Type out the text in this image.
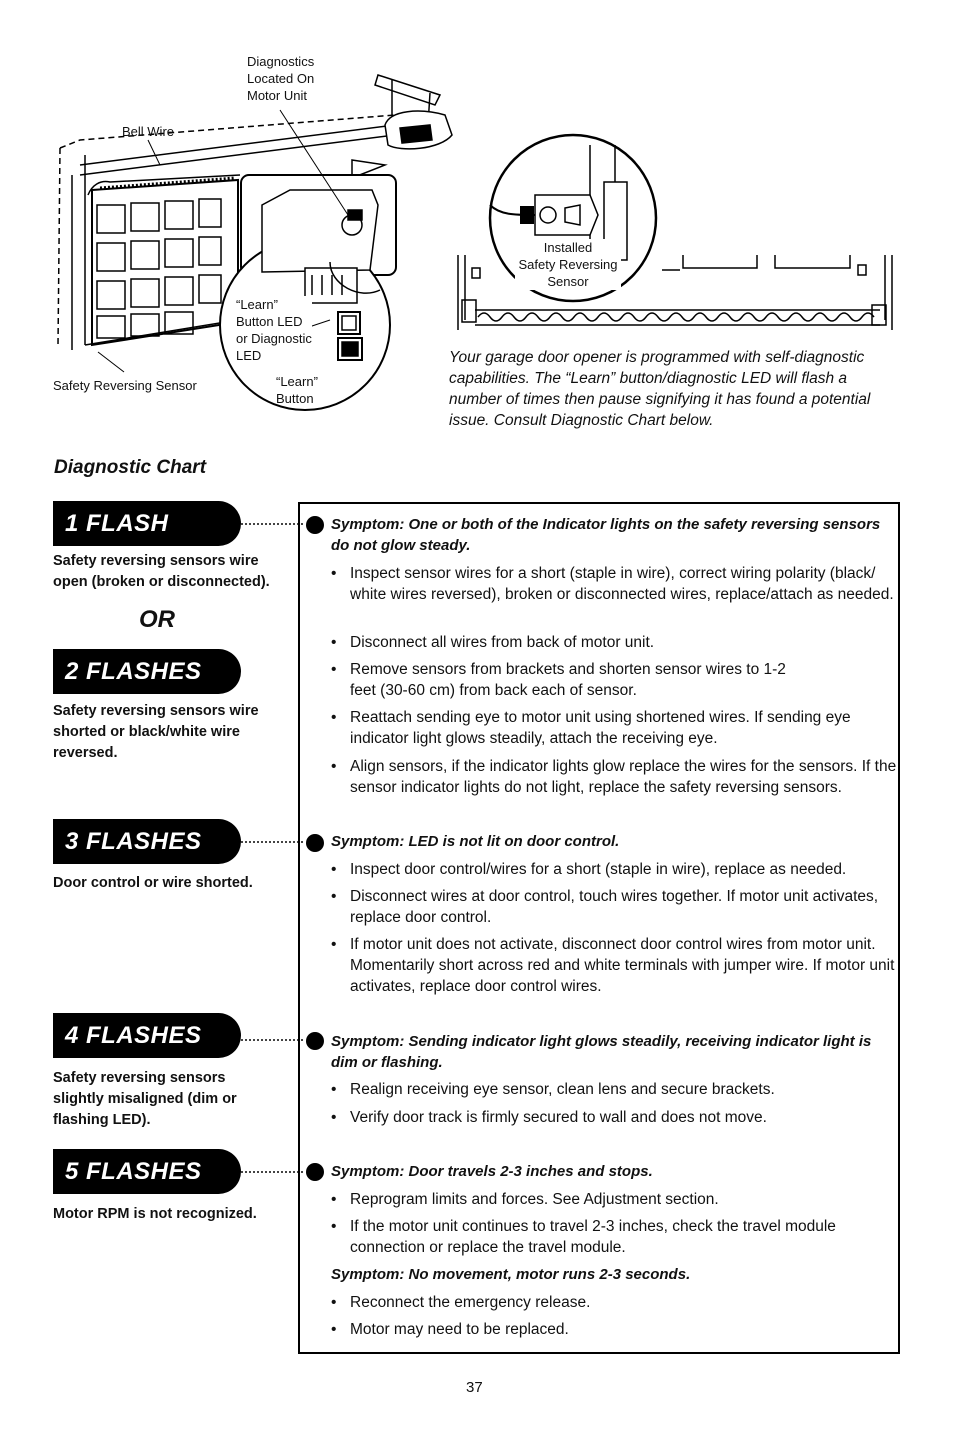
Diagnostics
Located On
Motor Unit
Bell Wire
Safety Reversing Sensor
“Learn”
Button LED
or Diagnostic
LED
“Learn”
Button
Installed
Safety Reversing
Sensor
Your garage door opener is programmed with self-diagnostic capabilities. The “Learn” button/diagnostic LED will flash a number of times then pause signifying it has found a potential issue. Consult Diagnostic Chart below.
Diagnostic Chart
1 FLASH
Safety reversing sensors wire open (broken or disconnected).
OR
2 FLASHES
Safety reversing sensors wire shorted or black/white wire reversed.
3 FLASHES
Door control or wire shorted.
4 FLASHES
Safety reversing sensors slightly misaligned (dim or flashing LED).
5 FLASHES
Motor RPM is not recognized.
Symptom: One or both of the Indicator lights on the safety reversing sensors do not glow steady.
• Inspect sensor wires for a short (staple in wire), correct wiring polarity (black/ white wires reversed), broken or disconnected wires, replace/attach as needed.
• Disconnect all wires from back of motor unit.
• Remove sensors from brackets and shorten sensor wires to 1-2 feet (30-60 cm) from back each of sensor.
• Reattach sending eye to motor unit using shortened wires. If sending eye indicator light glows steadily, attach the receiving eye.
• Align sensors, if the indicator lights glow replace the wires for the sensors. If the sensor indicator lights do not light, replace the safety reversing sensors.
Symptom: LED is not lit on door control.
• Inspect door control/wires for a short (staple in wire), replace as needed.
• Disconnect wires at door control, touch wires together. If motor unit activates, replace door control.
• If motor unit does not activate, disconnect door control wires from motor unit. Momentarily short across red and white terminals with jumper wire. If motor unit activates, replace door control wires.
Symptom: Sending indicator light glows steadily, receiving indicator light is dim or flashing.
• Realign receiving eye sensor, clean lens and secure brackets.
• Verify door track is firmly secured to wall and does not move.
Symptom: Door travels 2-3 inches and stops.
• Reprogram limits and forces. See Adjustment section.
• If the motor unit continues to travel 2-3 inches, check the travel module connection or replace the travel module.
Symptom: No movement, motor runs 2-3 seconds.
• Reconnect the emergency release.
• Motor may need to be replaced.
37
